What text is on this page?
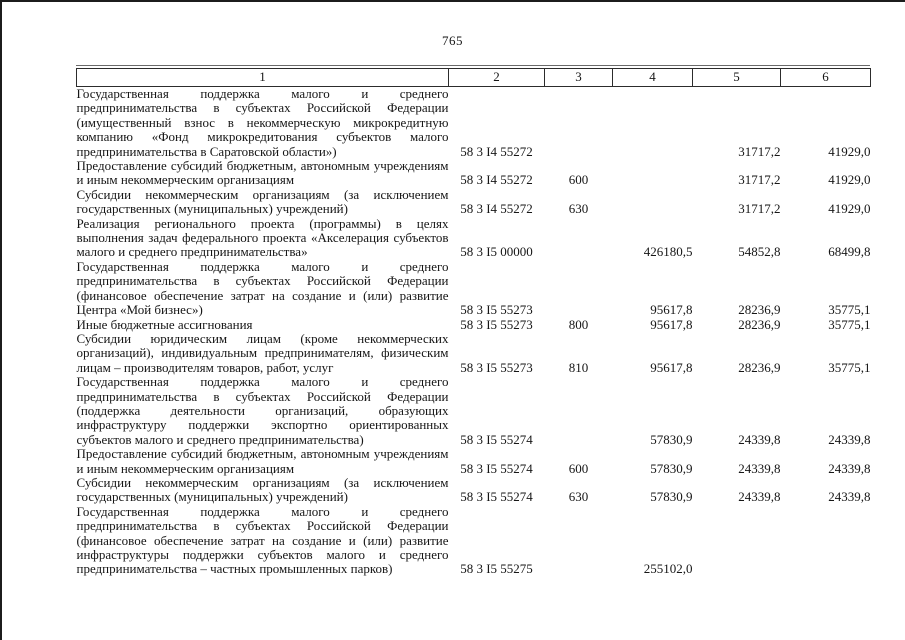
765
1	2	3	4	5	6
Государственная поддержка малого и среднего предпринимательства в субъектах Российской Федерации (имущественный взнос в некоммерческую микрокредитную компанию «Фонд микрокредитования субъектов малого предпринимательства в Саратовской области»)	58 3 I4 55272			31717,2	41929,0
Предоставление субсидий бюджетным, автономным учреждениям и иным некоммерческим организациям	58 3 I4 55272	600		31717,2	41929,0
Субсидии некоммерческим организациям (за исключением государственных (муниципальных) учреждений)	58 3 I4 55272	630		31717,2	41929,0
Реализация регионального проекта (программы) в целях выполнения задач федерального проекта «Акселерация субъектов малого и среднего предпринимательства»	58 3 I5 00000		426180,5	54852,8	68499,8
Государственная поддержка малого и среднего предпринимательства в субъектах Российской Федерации (финансовое обеспечение затрат на создание и (или) развитие Центра «Мой бизнес»)	58 3 I5 55273		95617,8	28236,9	35775,1
Иные бюджетные ассигнования	58 3 I5 55273	800	95617,8	28236,9	35775,1
Субсидии юридическим лицам (кроме некоммерческих организаций), индивидуальным предпринимателям, физическим лицам – производителям товаров, работ, услуг	58 3 I5 55273	810	95617,8	28236,9	35775,1
Государственная поддержка малого и среднего предпринимательства в субъектах Российской Федерации (поддержка деятельности организаций, образующих инфраструктуру поддержки экспортно ориентированных субъектов малого и среднего предпринимательства)	58 3 I5 55274		57830,9	24339,8	24339,8
Предоставление субсидий бюджетным, автономным учреждениям и иным некоммерческим организациям	58 3 I5 55274	600	57830,9	24339,8	24339,8
Субсидии некоммерческим организациям (за исключением государственных (муниципальных) учреждений)	58 3 I5 55274	630	57830,9	24339,8	24339,8
Государственная поддержка малого и среднего предпринимательства в субъектах Российской Федерации (финансовое обеспечение затрат на создание и (или) развитие инфраструктуры поддержки субъектов малого и среднего предпринимательства – частных промышленных парков)	58 3 I5 55275		255102,0		
